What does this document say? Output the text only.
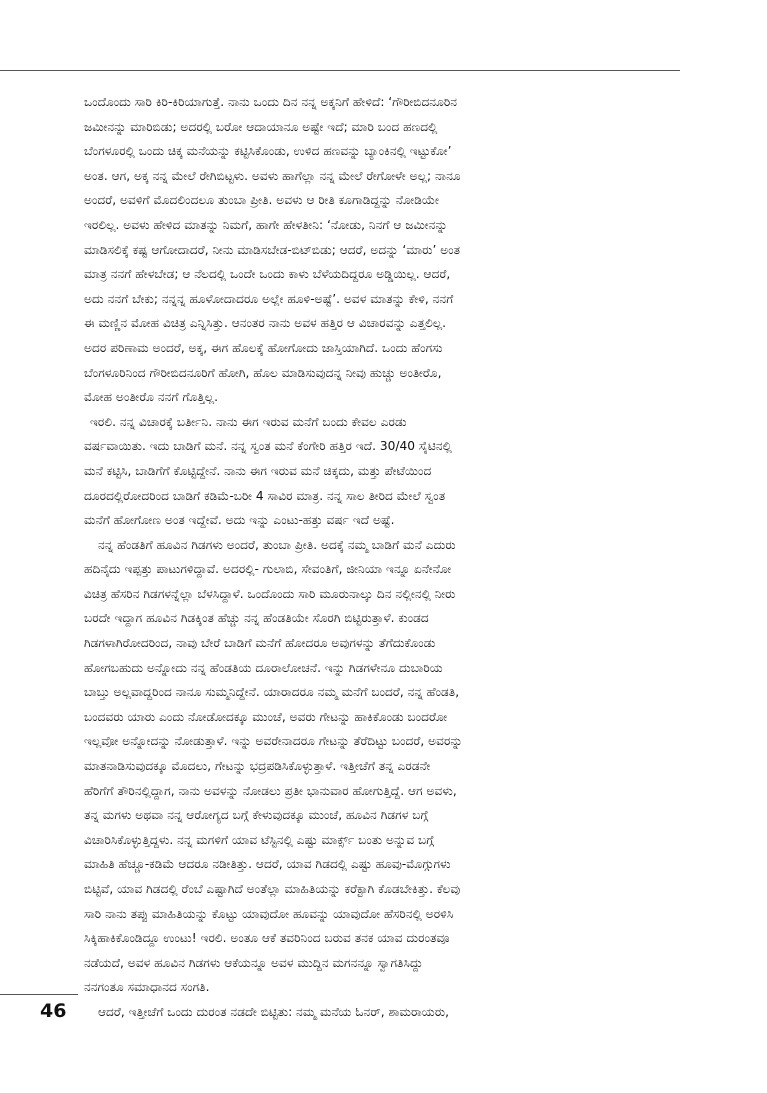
ಒಂದೊಂದು ಸಾರಿ ಕಿರಿ-ಕಿರಿಯಾಗುತ್ತೆ. ನಾನು ಒಂದು ದಿನ ನನ್ನ ಅಕ್ಕನಿಗೆ ಹೇಳಿದೆ: ‘ಗೌರೀಬಿದನೂರಿನ
ಜಮೀನನ್ನು ಮಾರಿಬಿಡು; ಅದರಲ್ಲಿ ಬರೋ ಆದಾಯಾನೂ ಅಷ್ಟೇ ಇದೆ; ಮಾರಿ ಬಂದ ಹಣದಲ್ಲಿ
ಬೆಂಗಳೂರಲ್ಲಿ ಒಂದು ಚಿಕ್ಕ ಮನೆಯನ್ನು ಕಟ್ಟಿಸಿಕೊಂಡು, ಉಳಿದ ಹಣವನ್ನು ಬ್ಯಾಂಕಿನಲ್ಲಿ ಇಟ್ಟುಕೋ’
ಅಂತ. ಆಗ, ಅಕ್ಕ ನನ್ನ ಮೇಲೆ ರೇಗಿಬಿಟ್ಟಳು. ಅವಳು ಹಾಗೆಲ್ಲಾ ನನ್ನ ಮೇಲೆ ರೇಗೋಳೇ ಅಲ್ಲ; ನಾನೂ
ಅಂದರೆ, ಅವಳಿಗೆ ಮೊದಲಿಂದಲೂ ತುಂಬಾ ಪ್ರೀತಿ. ಅವಳು ಆ ರೀತಿ ಕೂಗಾಡಿದ್ದನ್ನು ನೋಡಿಯೇ
ಇರಲಿಲ್ಲ. ಅವಳು ಹೇಳಿದ ಮಾತನ್ನು ನಿಮಗೆ, ಹಾಗೇ ಹೇಳತೀನಿ: ‘ನೋಡು, ನಿನಗೆ ಆ ಜಮೀನನ್ನು
ಮಾಡಿಸಲಿಕ್ಕೆ ಕಷ್ಟ ಆಗೋದಾದರೆ, ನೀನು ಮಾಡಿಸಬೇಡ-ಬಿಟ್‌ಬಿಡು; ಆದರೆ, ಅದನ್ನು ‘ಮಾರು’ ಅಂತ
ಮಾತ್ರ ನನಗೆ ಹೇಳಬೇಡ; ಆ ನೆಲದಲ್ಲಿ ಒಂದೇ ಒಂದು ಕಾಳು ಬೆಳೆಯದಿದ್ದರೂ ಅಡ್ಡಿಯಿಲ್ಲ. ಆದರೆ,
ಅದು ನನಗೆ ಬೇಕು; ನನ್ನನ್ನ ಹೂಳೋದಾದರೂ ಅಲ್ಲೇ ಹೂಳಿ-ಅಷ್ಟೆ’. ಅವಳ ಮಾತನ್ನು ಕೇಳಿ, ನನಗೆ
ಈ ಮಣ್ಣಿನ ಮೋಹ ವಿಚಿತ್ರ ಎನ್ನಿಸಿತ್ತು. ಆನಂತರ ನಾನು ಅವಳ ಹತ್ತಿರ ಆ ವಿಚಾರವನ್ನು ಎತ್ತಲಿಲ್ಲ.
ಅದರ ಪರಿಣಾಮ ಅಂದರೆ, ಅಕ್ಕ, ಈಗ ಹೊಲಕ್ಕೆ ಹೋಗೋದು ಜಾಸ್ತಿಯಾಗಿದೆ. ಒಂದು ಹೆಂಗಸು
ಬೆಂಗಳೂರಿನಿಂದ ಗೌರೀಬಿದನೂರಿಗೆ ಹೋಗಿ, ಹೊಲ ಮಾಡಿಸುವುದನ್ನ ನೀವು ಹುಚ್ಚು ಅಂತೀರೊ,
ಮೋಹ ಅಂತೀರೊ ನನಗೆ ಗೊತ್ತಿಲ್ಲ.
ಇರಲಿ. ನನ್ನ ವಿಚಾರಕ್ಕೆ ಬರ್ತೀನಿ. ನಾನು ಈಗ ಇರುವ ಮನೆಗೆ ಬಂದು ಕೇವಲ ಎರಡು
ವರ್ಷವಾಯಿತು. ಇದು ಬಾಡಿಗೆ ಮನೆ. ನನ್ನ ಸ್ವಂತ ಮನೆ ಕೆಂಗೇರಿ ಹತ್ತಿರ ಇದೆ. 30/40 ಸೈಟಿನಲ್ಲಿ
ಮನೆ ಕಟ್ಟಿಸಿ, ಬಾಡಿಗೆಗೆ ಕೊಟ್ಟಿದ್ದೇನೆ. ನಾನು ಈಗ ಇರುವ ಮನೆ ಚಿಕ್ಕದು, ಮತ್ತು ಪೇಟೆಯಿಂದ
ದೂರದಲ್ಲಿರೋದರಿಂದ ಬಾಡಿಗೆ ಕಡಿಮೆ-ಬರೀ 4 ಸಾವಿರ ಮಾತ್ರ. ನನ್ನ ಸಾಲ ತೀರಿದ ಮೇಲೆ ಸ್ವಂತ
ಮನೆಗೆ ಹೋಗೋಣ ಅಂತ ಇದ್ದೇವೆ. ಅದು ಇನ್ನು ಎಂಟು-ಹತ್ತು ವರ್ಷ ಇದೆ ಅಷ್ಟೆ.
ನನ್ನ ಹೆಂಡತಿಗೆ ಹೂವಿನ ಗಿಡಗಳು ಅಂದರೆ, ತುಂಬಾ ಪ್ರೀತಿ. ಅದಕ್ಕೆ ನಮ್ಮ ಬಾಡಿಗೆ ಮನೆ ಎದುರು
ಹದಿನೈದು ಇಪ್ಪತ್ತು ಪಾಟುಗಳಿದ್ದಾವೆ. ಅದರಲ್ಲಿ- ಗುಲಾಬಿ, ಸೇವಂತಿಗೆ, ಜೀನಿಯಾ ಇನ್ನೂ ಏನೇನೋ
ವಿಚಿತ್ರ ಹೆಸರಿನ ಗಿಡಗಳನ್ನೆಲ್ಲಾ ಬೆಳಸಿದ್ದಾಳೆ. ಒಂದೊಂದು ಸಾರಿ ಮೂರುನಾಲ್ಕು ದಿನ ನಲ್ಲೀನಲ್ಲಿ ನೀರು
ಬರದೇ ಇದ್ದಾಗ ಹೂವಿನ ಗಿಡಕ್ಕಿಂತ ಹೆಚ್ಚು ನನ್ನ ಹೆಂಡತಿಯೇ ಸೊರಗಿ ಬಿಟ್ಟಿರುತ್ತಾಳೆ. ಕುಂಡದ
ಗಿಡಗಳಾಗಿರೋದರಿಂದ, ನಾವು ಬೇರೆ ಬಾಡಿಗೆ ಮನೆಗೆ ಹೋದರೂ ಅವುಗಳನ್ನು ತೆಗೆದುಕೊಂಡು
ಹೋಗಬಹುದು ಅನ್ನೋದು ನನ್ನ ಹೆಂಡತಿಯ ದೂರಾಲೋಚನೆ. ಇನ್ನು ಗಿಡಗಳೇನೂ ದುಬಾರಿಯ
ಬಾಬ್ತು ಅಲ್ಲವಾದ್ದರಿಂದ ನಾನೂ ಸುಮ್ಮನಿದ್ದೇನೆ. ಯಾರಾದರೂ ನಮ್ಮ ಮನೆಗೆ ಬಂದರೆ, ನನ್ನ ಹೆಂಡತಿ,
ಬಂದವರು ಯಾರು ಎಂದು ನೋಡೋದಕ್ಕೂ ಮುಂಚೆ, ಅವರು ಗೇಟನ್ನು ಹಾಕಿಕೊಂಡು ಬಂದರೋ
ಇಲ್ಲವೋ ಅನ್ನೋದನ್ನು ನೋಡುತ್ತಾಳೆ. ಇನ್ನು ಅವರೇನಾದರೂ ಗೇಟನ್ನು ತೆರೆದಿಟ್ಟು ಬಂದರೆ, ಅವರನ್ನು
ಮಾತನಾಡಿಸುವುದಕ್ಕೂ ಮೊದಲು, ಗೇಟನ್ನು ಭದ್ರಪಡಿಸಿಕೊಳ್ಳುತ್ತಾಳೆ. ಇತ್ತೀಚೆಗೆ ತನ್ನ ಎರಡನೇ
ಹೆರಿಗೆಗೆ ತೌರಿನಲ್ಲಿದ್ದಾಗ, ನಾನು ಅವಳನ್ನು ನೋಡಲು ಪ್ರತೀ ಭಾನುವಾರ ಹೋಗುತ್ತಿದ್ದೆ. ಆಗ ಅವಳು,
ತನ್ನ ಮಗಳು ಅಥವಾ ನನ್ನ ಆರೋಗ್ಯದ ಬಗ್ಗೆ ಕೇಳುವುದಕ್ಕೂ ಮುಂಚೆ, ಹೂವಿನ ಗಿಡಗಳ ಬಗ್ಗೆ
ವಿಚಾರಿಸಿಕೊಳ್ಳುತ್ತಿದ್ದಳು. ನನ್ನ ಮಗಳಿಗೆ ಯಾವ ಟೆಸ್ಟಿನಲ್ಲಿ ಎಷ್ಟು ಮಾರ್ಕ್ಸ್ ಬಂತು ಅನ್ನುವ ಬಗ್ಗೆ
ಮಾಹಿತಿ ಹೆಚ್ಚೂ-ಕಡಿಮೆ ಆದರೂ ನಡೀತಿತ್ತು. ಆದರೆ, ಯಾವ ಗಿಡದಲ್ಲಿ ಎಷ್ಟು ಹೂವು-ಮೊಗ್ಗುಗಳು
ಬಿಟ್ಟಿವೆ, ಯಾವ ಗಿಡದಲ್ಲಿ ರೆಂಬೆ ಎಷ್ಟಾಗಿದೆ ಅಂತೆಲ್ಲಾ ಮಾಹಿತಿಯನ್ನು ಕರೆಕ್ಟಾಗಿ ಕೊಡಬೇಕಿತ್ತು. ಕೆಲವು
ಸಾರಿ ನಾನು ತಪ್ಪು ಮಾಹಿತಿಯನ್ನು ಕೊಟ್ಟು ಯಾವುದೋ ಹೂವನ್ನು ಯಾವುದೋ ಹೆಸರಿನಲ್ಲಿ ಅರಳಿಸಿ
ಸಿಕ್ಕಿಹಾಕಿಕೊಂಡಿದ್ದೂ ಉಂಟು! ಇರಲಿ. ಅಂತೂ ಆಕೆ ತವರಿನಿಂದ ಬರುವ ತನಕ ಯಾವ ದುರಂತವೂ
ನಡೆಯದೆ, ಅವಳ ಹೂವಿನ ಗಿಡಗಳು ಆಕೆಯನ್ನೂ ಅವಳ ಮುದ್ದಿನ ಮಗನನ್ನೂ ಸ್ವಾಗತಿಸಿದ್ದು
ನನಗಂತೂ ಸಮಾಧಾನದ ಸಂಗತಿ.
ಆದರೆ, ಇತ್ತೀಚೆಗೆ ಒಂದು ದುರಂತ ನಡದೇ ಬಿಟ್ಟಿತು: ನಮ್ಮ ಮನೆಯ ಓನರ್, ಶಾಮರಾಯರು,
46
